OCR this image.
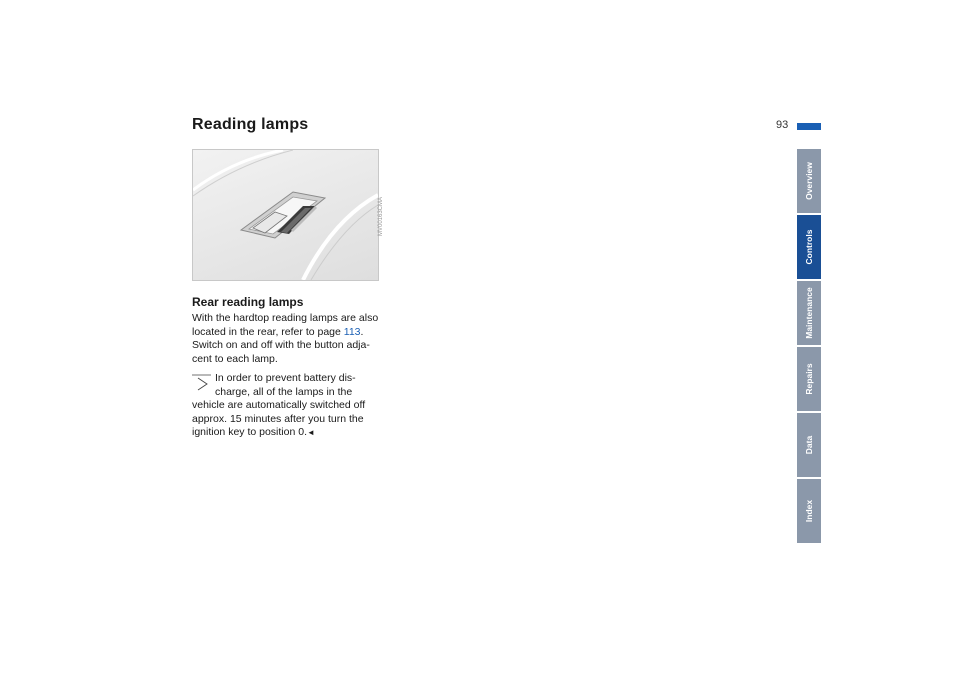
93
Reading lamps
MV00163CMA
Rear reading lamps

With the hardtop reading lamps are also

located in the rear, refer to page 113.

Switch on and off with the button adja-

cent to each lamp.

In order to prevent battery dis-

charge, all of the lamps in the

vehicle are automatically switched off

approx. 15 minutes after you turn the

ignition key to position 0.◄

Overview
Controls
Maintenance
Repairs
Data
Index
